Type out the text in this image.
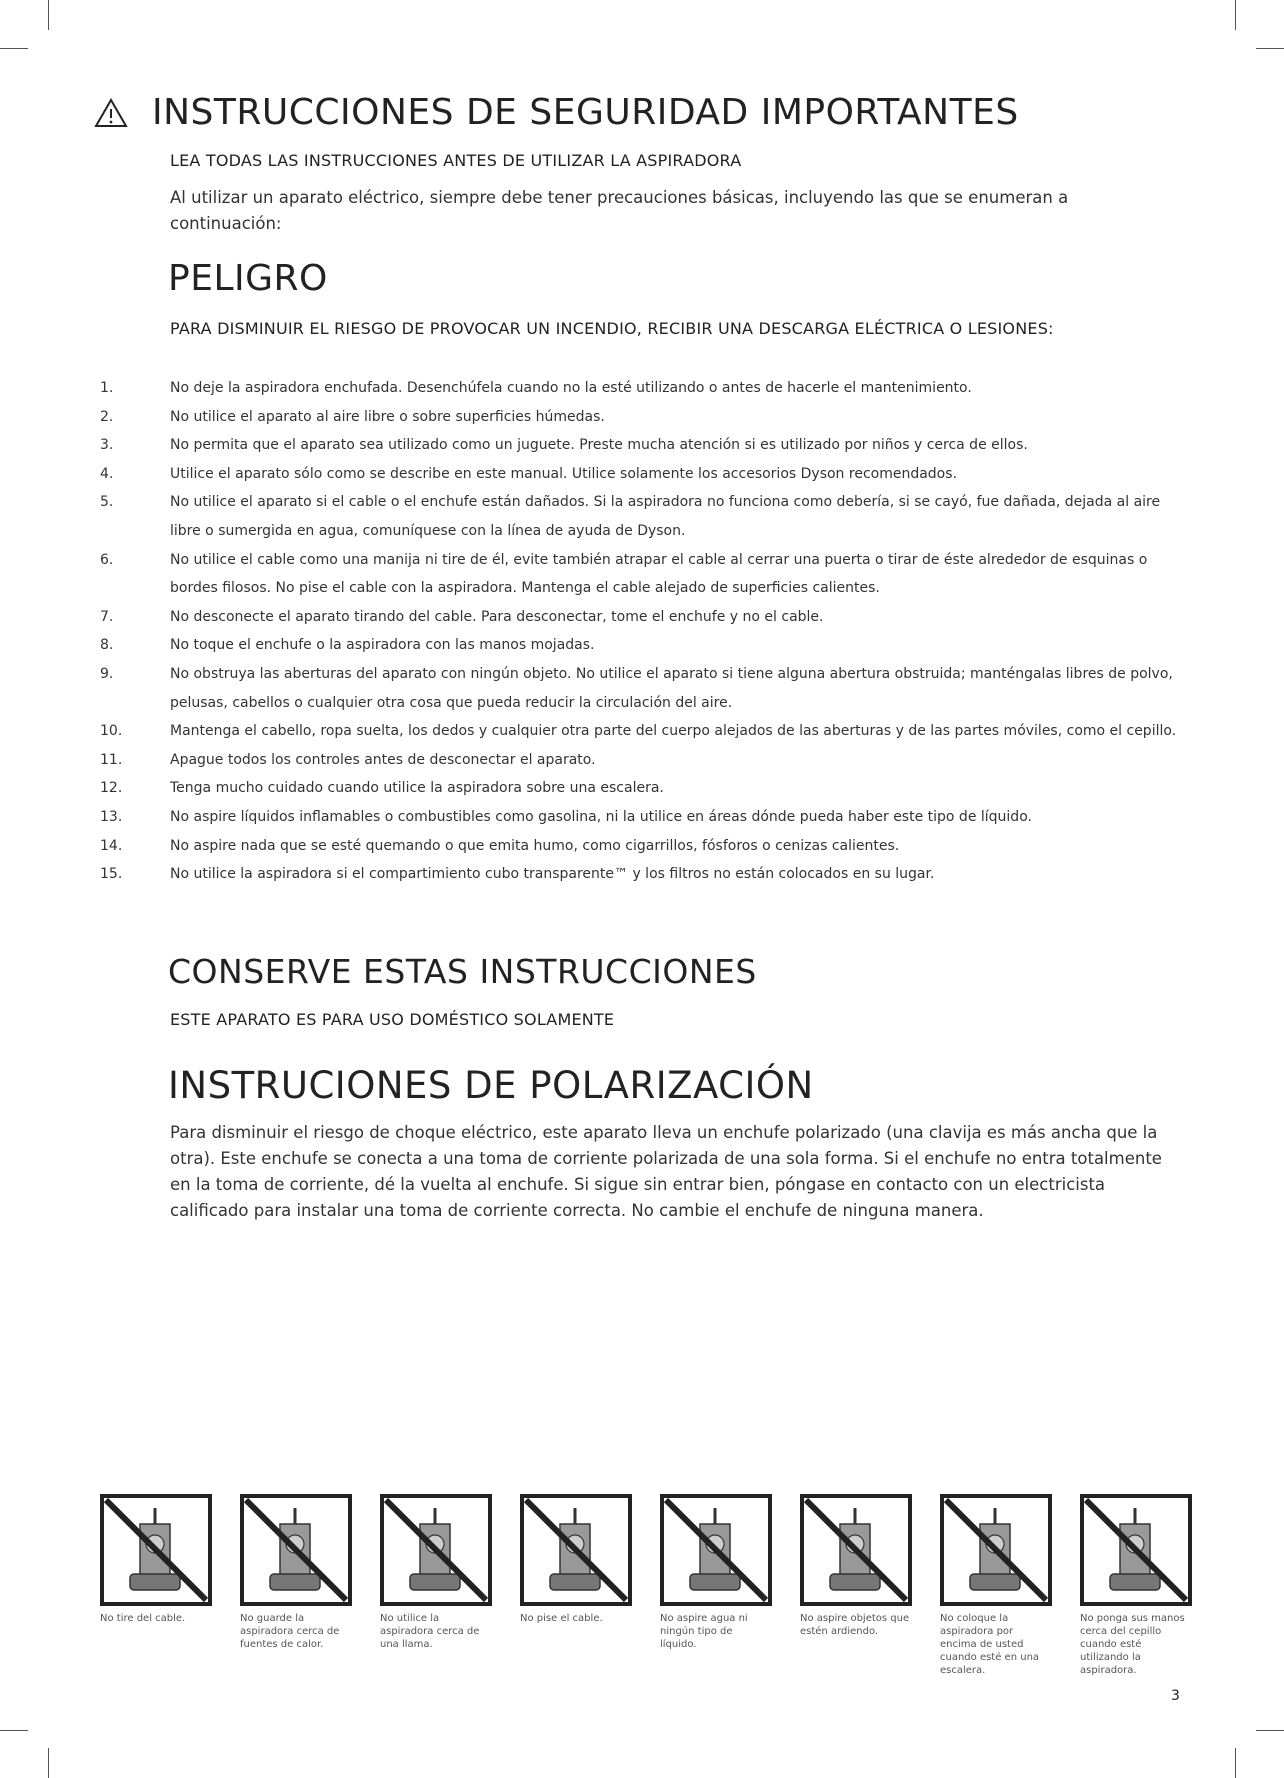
INSTRUCCIONES DE SEGURIDAD IMPORTANTES
LEA TODAS LAS INSTRUCCIONES ANTES DE UTILIZAR LA ASPIRADORA
Al utilizar un aparato eléctrico, siempre debe tener precauciones básicas, incluyendo las que se enumeran a continuación:
PELIGRO
PARA DISMINUIR EL RIESGO DE PROVOCAR UN INCENDIO, RECIBIR UNA DESCARGA ELÉCTRICA O LESIONES:
1.	No deje la aspiradora enchufada. Desenchúfela cuando no la esté utilizando o antes de hacerle el mantenimiento.
2.	No utilice el aparato al aire libre o sobre superficies húmedas.
3.	No permita que el aparato sea utilizado como un juguete. Preste mucha atención si es utilizado por niños y cerca de ellos.
4.	Utilice el aparato sólo como se describe en este manual. Utilice solamente los accesorios Dyson recomendados.
5.	No utilice el aparato si el cable o el enchufe están dañados. Si la aspiradora no funciona como debería, si se cayó, fue dañada, dejada al aire libre o sumergida en agua, comuníquese con la línea de ayuda de Dyson.
6.	No utilice el cable como una manija ni tire de él, evite también atrapar el cable al cerrar una puerta o tirar de éste alrededor de esquinas o bordes filosos. No pise el cable con la aspiradora. Mantenga el cable alejado de superficies calientes.
7.	No desconecte el aparato tirando del cable. Para desconectar, tome el enchufe y no el cable.
8.	No toque el enchufe o la aspiradora con las manos mojadas.
9.	No obstruya las aberturas del aparato con ningún objeto. No utilice el aparato si tiene alguna abertura obstruida; manténgalas libres de polvo, pelusas, cabellos o cualquier otra cosa que pueda reducir la circulación del aire.
10.	Mantenga el cabello, ropa suelta, los dedos y cualquier otra parte del cuerpo alejados de las aberturas y de las partes móviles, como el cepillo.
11.	Apague todos los controles antes de desconectar el aparato.
12.	Tenga mucho cuidado cuando utilice la aspiradora sobre una escalera.
13.	No aspire líquidos inflamables o combustibles como gasolina, ni la utilice en áreas dónde pueda haber este tipo de líquido.
14.	No aspire nada que se esté quemando o que emita humo, como cigarrillos, fósforos o cenizas calientes.
15.	No utilice la aspiradora si el compartimiento cubo transparente™ y los filtros no están colocados en su lugar.
CONSERVE ESTAS INSTRUCCIONES
ESTE APARATO ES PARA USO DOMÉSTICO SOLAMENTE
INSTRUCIONES DE POLARIZACIÓN
Para disminuir el riesgo de choque eléctrico, este aparato lleva un enchufe polarizado (una clavija es más ancha que la otra). Este enchufe se conecta a una toma de corriente polarizada de una sola forma. Si el enchufe no entra totalmente en la toma de corriente, dé la vuelta al enchufe. Si sigue sin entrar bien, póngase en contacto con un electricista calificado para instalar una toma de corriente correcta. No cambie el enchufe de ninguna manera.
No tire del cable.	No guarde la aspiradora cerca de fuentes de calor.
No utilice la aspiradora cerca de una llama.
No pise el cable.	No aspire agua ni ningún tipo de líquido.
No aspire objetos que estén ardiendo.
No coloque la aspiradora por encima de usted cuando esté en una escalera.
No ponga sus manos cerca del cepillo cuando esté utilizando la aspiradora.
3
